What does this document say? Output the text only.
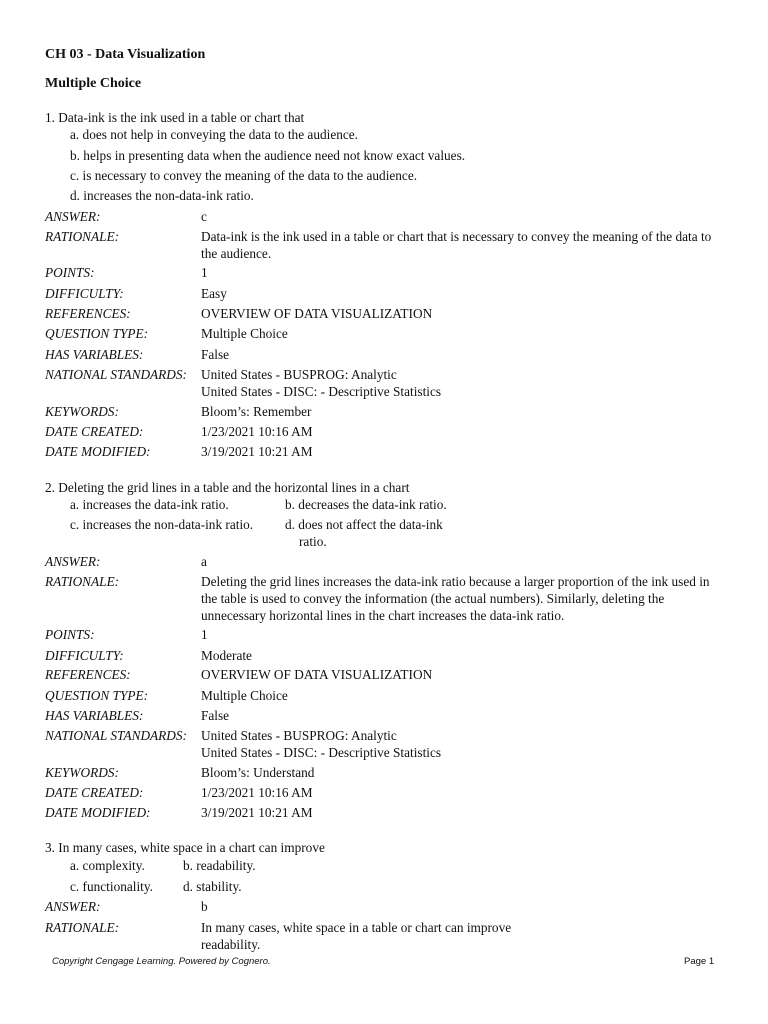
CH 03 - Data Visualization
Multiple Choice
1. Data-ink is the ink used in a table or chart that
a. does not help in conveying the data to the audience.
b. helps in presenting data when the audience need not know exact values.
c. is necessary to convey the meaning of the data to the audience.
d. increases the non-data-ink ratio.
ANSWER:	c
RATIONALE:	Data-ink is the ink used in a table or chart that is necessary to convey the meaning of the data to the audience.
POINTS:	1
DIFFICULTY:	Easy
REFERENCES:	OVERVIEW OF DATA VISUALIZATION
QUESTION TYPE:	Multiple Choice
HAS VARIABLES:	False
NATIONAL STANDARDS: United States - BUSPROG: Analytic
United States - DISC: - Descriptive Statistics
KEYWORDS:	Bloom’s: Remember
DATE CREATED:	1/23/2021 10:16 AM
DATE MODIFIED:	3/19/2021 10:21 AM
2. Deleting the grid lines in a table and the horizontal lines in a chart
a. increases the data-ink ratio.	b. decreases the data-ink ratio.
c. increases the non-data-ink ratio. d. does not affect the data-ink ratio.
ANSWER:	a
RATIONALE:	Deleting the grid lines increases the data-ink ratio because a larger proportion of the ink used in the table is used to convey the information (the actual numbers). Similarly, deleting the unnecessary horizontal lines in the chart increases the data-ink ratio.
POINTS:	1
DIFFICULTY:	Moderate
REFERENCES:	OVERVIEW OF DATA VISUALIZATION
QUESTION TYPE:	Multiple Choice
HAS VARIABLES:	False
NATIONAL STANDARDS: United States - BUSPROG: Analytic
United States - DISC: - Descriptive Statistics
KEYWORDS:	Bloom’s: Understand
DATE CREATED:	1/23/2021 10:16 AM
DATE MODIFIED:	3/19/2021 10:21 AM
3. In many cases, white space in a chart can improve
a. complexity.	b. readability.
c. functionality. d. stability.
ANSWER:	b
RATIONALE:	In many cases, white space in a table or chart can improve readability.
Copyright Cengage Learning. Powered by Cognero.	Page 1
